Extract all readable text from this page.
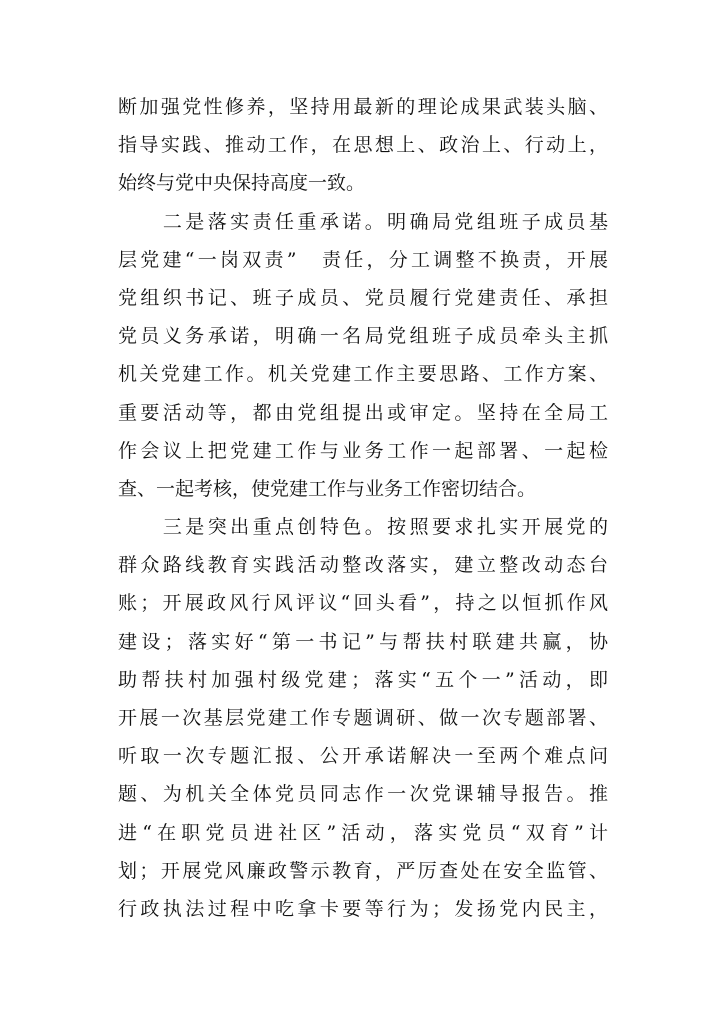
断加强党性修养，坚持用最新的理论成果武装头脑、
指导实践、推动工作，在思想上、政治上、行动上，
始终与党中央保持高度一致。
　　二是落实责任重承诺。明确局党组班子成员基
层党建“一岗双责”　责任，分工调整不换责，开展
党组织书记、班子成员、党员履行党建责任、承担
党员义务承诺，明确一名局党组班子成员牵头主抓
机关党建工作。机关党建工作主要思路、工作方案、
重要活动等，都由党组提出或审定。坚持在全局工
作会议上把党建工作与业务工作一起部署、一起检
查、一起考核，使党建工作与业务工作密切结合。
　　三是突出重点创特色。按照要求扎实开展党的
群众路线教育实践活动整改落实，建立整改动态台
账；开展政风行风评议“回头看”，持之以恒抓作风
建设；落实好“第一书记”与帮扶村联建共赢，协
助帮扶村加强村级党建；落实“五个一”活动，即
开展一次基层党建工作专题调研、做一次专题部署、
听取一次专题汇报、公开承诺解决一至两个难点问
题、为机关全体党员同志作一次党课辅导报告。推
进“在职党员进社区”活动，落实党员“双育”计
划；开展党风廉政警示教育，严厉查处在安全监管、
行政执法过程中吃拿卡要等行为；发扬党内民主，
